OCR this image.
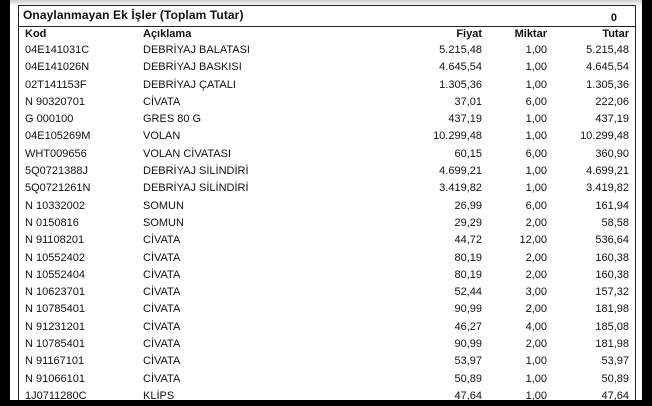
Onaylanmayan Ek İşler (Toplam Tutar)	0
Kod	Açıklama	Fiyat	Miktar	Tutar
04E141031C	DEBRİYAJ BALATASI	5.215,48	1,00	5.215,48
04E141026N	DEBRİYAJ BASKISI	4.645,54	1,00	4.645,54
02T141153F	DEBRİYAJ ÇATALI	1.305,36	1,00	1.305,36
N 90320701	CİVATA	37,01	6,00	222,06
G 000100	GRES 80 G	437,19	1,00	437,19
04E105269M	VOLAN	10.299,48	1,00	10.299,48
WHT009656	VOLAN CİVATASI	60,15	6,00	360,90
5Q0721388J	DEBRİYAJ SİLİNDİRİ	4.699,21	1,00	4.699,21
5Q0721261N	DEBRİYAJ SİLİNDİRİ	3.419,82	1,00	3.419,82
N 10332002	SOMUN	26,99	6,00	161,94
N 0150816	SOMUN	29,29	2,00	58,58
N 91108201	CİVATA	44,72	12,00	536,64
N 10552402	CİVATA	80,19	2,00	160,38
N 10552404	CİVATA	80,19	2,00	160,38
N 10623701	CİVATA	52,44	3,00	157,32
N 10785401	CİVATA	90,99	2,00	181,98
N 91231201	CİVATA	46,27	4,00	185,08
N 10785401	CİVATA	90,99	2,00	181,98
N 91167101	CİVATA	53,97	1,00	53,97
N 91066101	CİVATA	50,89	1,00	50,89
1J0711280C	KLİPS	47,64	1,00	47,64
